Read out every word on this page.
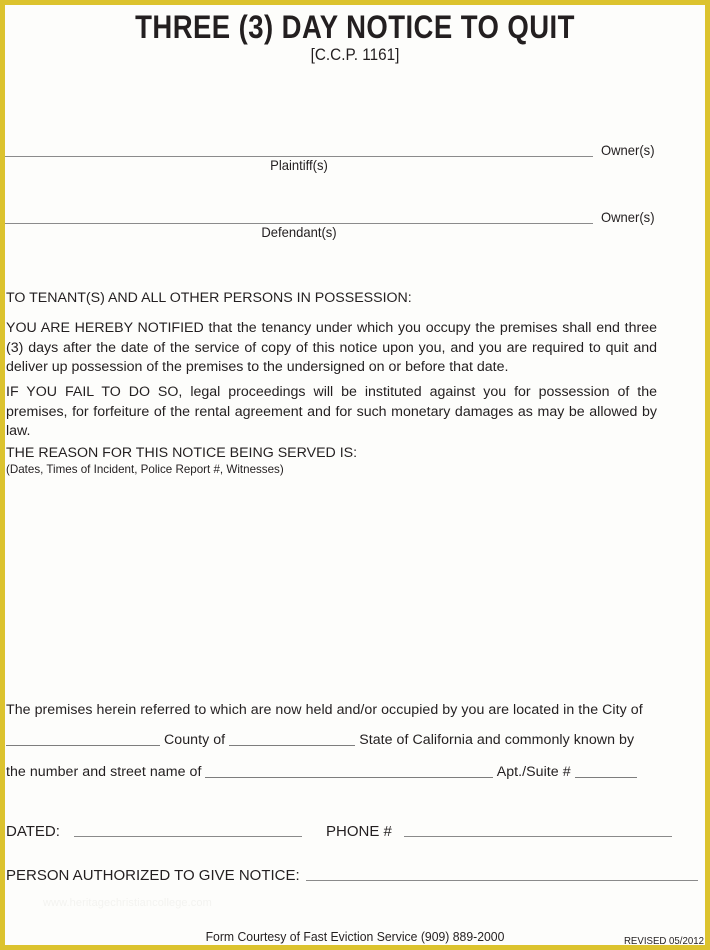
THREE (3) DAY NOTICE TO QUIT
[C.C.P. 1161]
Plaintiff(s)
Owner(s)
Defendant(s)
Owner(s)
TO TENANT(S) AND ALL OTHER PERSONS IN POSSESSION:
YOU ARE HEREBY NOTIFIED that the tenancy under which you occupy the premises shall end three (3) days after the date of the service of copy of this notice upon you, and you are required to quit and deliver up possession of the premises to the undersigned on or before that date.
IF YOU FAIL TO DO SO, legal proceedings will be instituted against you for possession of the premises, for forfeiture of the rental agreement and for such monetary damages as may be allowed by law.
THE REASON FOR THIS NOTICE BEING SERVED IS:
(Dates, Times of Incident, Police Report #, Witnesses)
The premises herein referred to which are now held and/or occupied by you are located in the City of
County of	State of California and commonly known by
the number and street name of	Apt./Suite #
DATED:	PHONE #
PERSON AUTHORIZED TO GIVE NOTICE:
www.heritagechristiancollege.com
Form Courtesy of Fast Eviction Service (909) 889-2000	REVISED 05/2012
